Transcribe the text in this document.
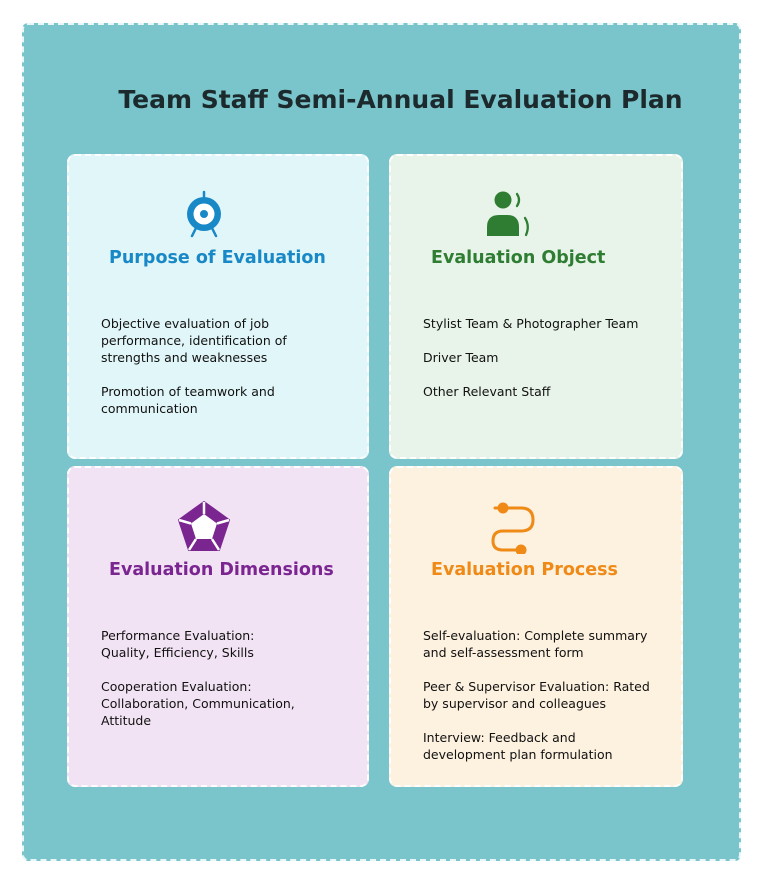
Team Staff Semi-Annual Evaluation Plan
Purpose of Evaluation
Objective evaluation of job performance, identification of strengths and weaknesses
Promotion of teamwork and communication
Evaluation Object
Stylist Team & Photographer Team
Driver Team
Other Relevant Staff
Evaluation Dimensions
Performance Evaluation: Quality, Efficiency, Skills
Cooperation Evaluation: Collaboration, Communication, Attitude
Evaluation Process
Self-evaluation: Complete summary and self-assessment form
Peer & Supervisor Evaluation: Rated by supervisor and colleagues
Interview: Feedback and development plan formulation
